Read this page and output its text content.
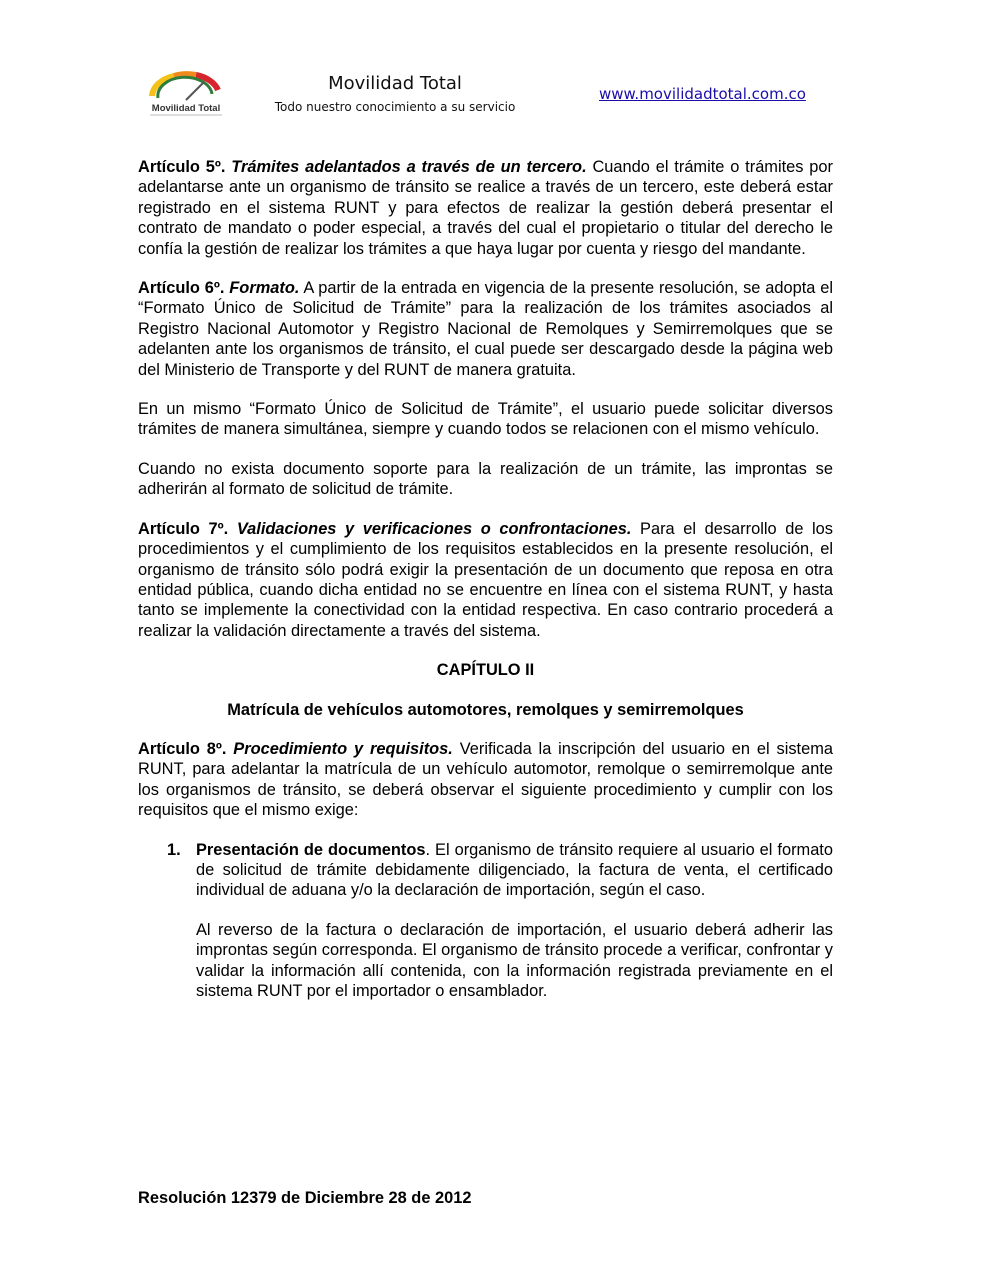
Movilidad Total
Movilidad Total
Todo nuestro conocimiento a su servicio
www.movilidadtotal.com.co

Artículo 5º. Trámites adelantados a través de un tercero. Cuando el trámite o trámites por adelantarse ante un organismo de tránsito se realice a través de un tercero, este deberá estar registrado en el sistema RUNT y para efectos de realizar la gestión deberá presentar el contrato de mandato o poder especial, a través del cual el propietario o titular del derecho le confía la gestión de realizar los trámites a que haya lugar por cuenta y riesgo del mandante.

Artículo 6º. Formato. A partir de la entrada en vigencia de la presente resolución, se adopta el “Formato Único de Solicitud de Trámite” para la realización de los trámites asociados al Registro Nacional Automotor y Registro Nacional de Remolques y Semirremolques que se adelanten ante los organismos de tránsito, el cual puede ser descargado desde la página web del Ministerio de Transporte y del RUNT de manera gratuita.

En un mismo “Formato Único de Solicitud de Trámite”, el usuario puede solicitar diversos trámites de manera simultánea, siempre y cuando todos se relacionen con el mismo vehículo.

Cuando no exista documento soporte para la realización de un trámite, las improntas se adherirán al formato de solicitud de trámite.

Artículo 7º. Validaciones y verificaciones o confrontaciones. Para el desarrollo de los procedimientos y el cumplimiento de los requisitos establecidos en la presente resolución, el organismo de tránsito sólo podrá exigir la presentación de un documento que reposa en otra entidad pública, cuando dicha entidad no se encuentre en línea con el sistema RUNT, y hasta tanto se implemente la conectividad con la entidad respectiva. En caso contrario procederá a realizar la validación directamente a través del sistema.

CAPÍTULO II

Matrícula de vehículos automotores, remolques y semirremolques

Artículo 8º. Procedimiento y requisitos. Verificada la inscripción del usuario en el sistema RUNT, para adelantar la matrícula de un vehículo automotor, remolque o semirremolque ante los organismos de tránsito, se deberá observar el siguiente procedimiento y cumplir con los requisitos que el mismo exige:

1. Presentación de documentos. El organismo de tránsito requiere al usuario el formato de solicitud de trámite debidamente diligenciado, la factura de venta, el certificado individual de aduana y/o la declaración de importación, según el caso.

Al reverso de la factura o declaración de importación, el usuario deberá adherir las improntas según corresponda. El organismo de tránsito procede a verificar, confrontar y validar la información allí contenida, con la información registrada previamente en el sistema RUNT por el importador o ensamblador.

Resolución 12379 de Diciembre 28 de 2012
